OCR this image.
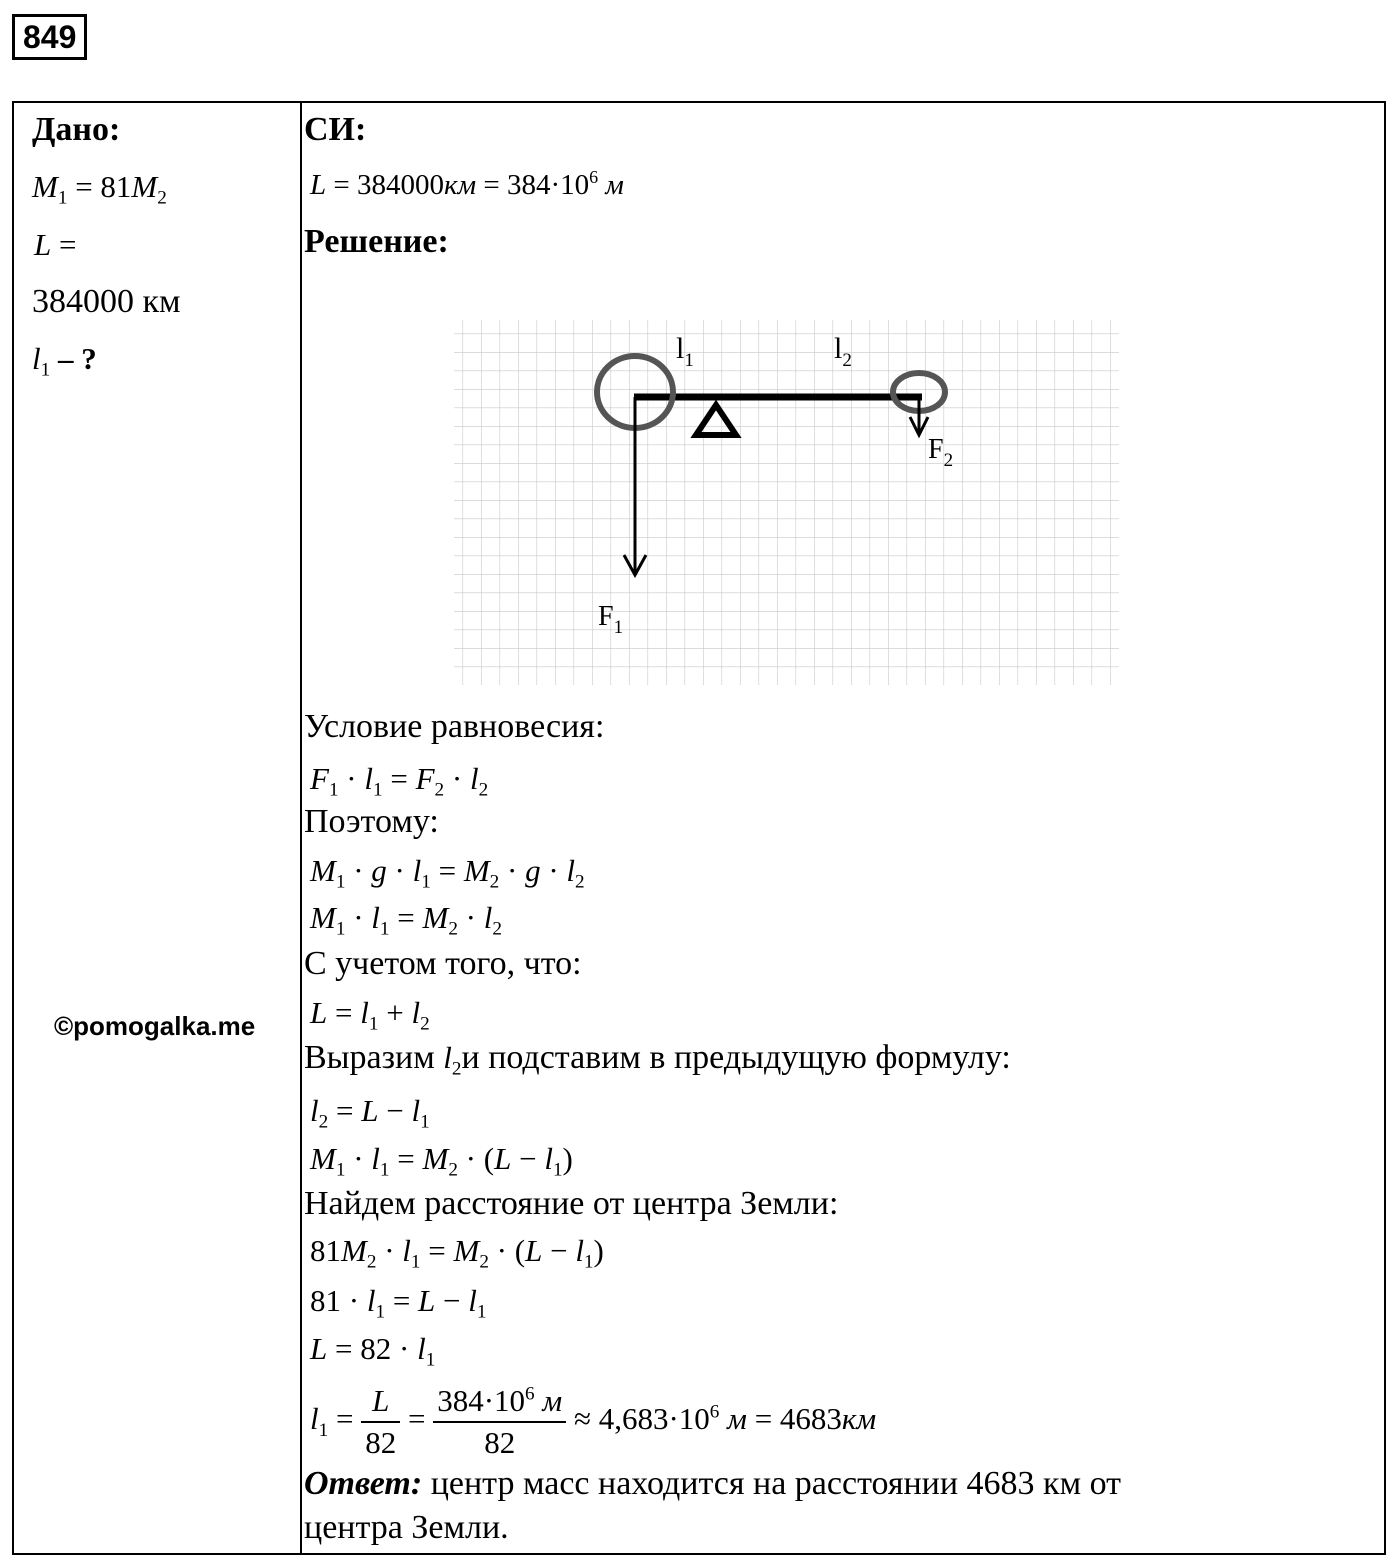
849
Дано:
$M_1 = 81M_2$
L =
384000 км
$l_1$ – ?
©pomogalka.me
СИ:
$L = 384000км = 384\cdot 10^6$ м
Решение:
$l_1$	$l_2$
$F_2$
$F_1$
Условие равновесия:
$F_1 \cdot l_1 = F_2 \cdot l_2$
Поэтому:
$M_1 \cdot g \cdot l_1 = M_2 \cdot g \cdot l_2$
$M_1 \cdot l_1 = M_2 \cdot l_2$
С учетом того, что:
$L = l_1 + l_2$
Выразим $l_2и$ подставим в предыдущую формулу:
$l_2 = L - l_1$
$M_1 \cdot l_1 = M_2 \cdot (L - l_1)$
Найдем расстояние от центра Земли:
$81M_2 \cdot l_1 = M_2 \cdot (L - l_1)$
$81 \cdot l_1 = L - l_1$
$L = 82 \cdot l_1$
$l_1 = \frac{L}{82} = \frac{384\cdot 10^6 м}{82} \approx 4,683\cdot 10^6$ м = 4683км
Ответ: центр масс находится на расстоянии 4683 км от
центра Земли.
